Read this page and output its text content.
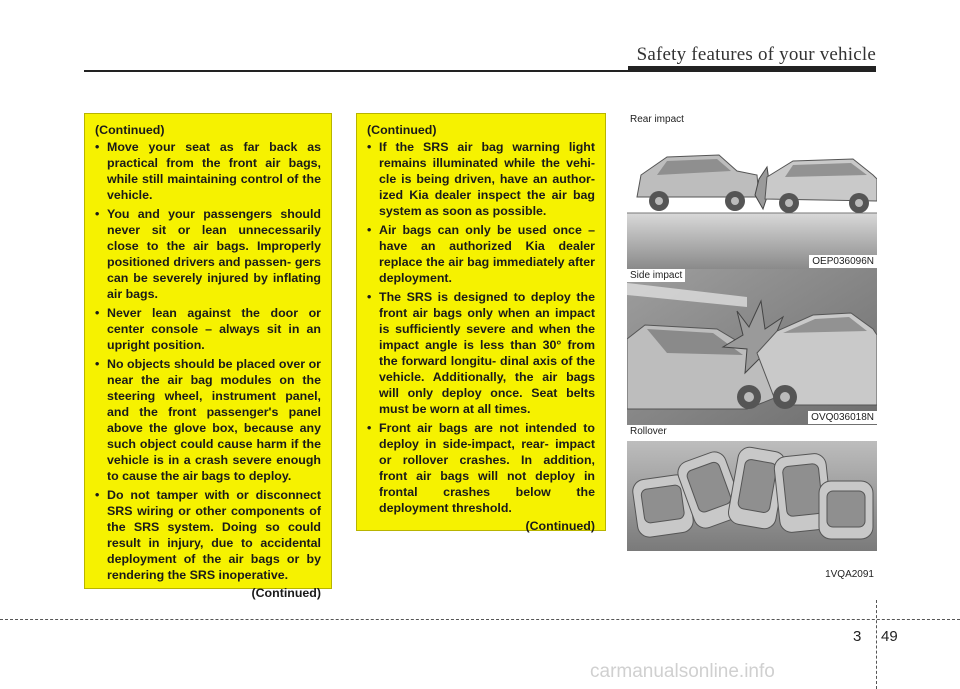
Safety features of your vehicle
(Continued)
• Move your seat as far back as practical from the front air bags, while still maintaining control of the vehicle.
• You and your passengers should never sit or lean unnecessarily close to the air bags. Improperly positioned drivers and passen- gers can be severely injured by inflating air bags.
• Never lean against the door or center console – always sit in an upright position.
• No objects should be placed over or near the air bag modules on the steering wheel, instrument panel, and the front passenger's panel above the glove box, because any such object could cause harm if the vehicle is in a crash severe enough to cause the air bags to deploy.
• Do not tamper with or disconnect SRS wiring or other components of the SRS system. Doing so could result in injury, due to accidental deployment of the air bags or by rendering the SRS inoperative.
(Continued)
(Continued)
• If the SRS air bag warning light remains illuminated while the vehi- cle is being driven, have an author- ized Kia dealer inspect the air bag system as soon as possible.
• Air bags can only be used once – have an authorized Kia dealer replace the air bag immediately after deployment.
• The SRS is designed to deploy the front air bags only when an impact is sufficiently severe and when the impact angle is less than 30° from the forward longitu- dinal axis of the vehicle. Additionally, the air bags will only deploy once. Seat belts must be worn at all times.
• Front air bags are not intended to deploy in side-impact, rear- impact or rollover crashes. In addition, front air bags will not deploy in frontal crashes below the deployment threshold.
(Continued)
Rear impact
OEP036096N
Side impact
OVQ036018N
Rollover
1VQA2091
3 49
carmanualsonline.info
